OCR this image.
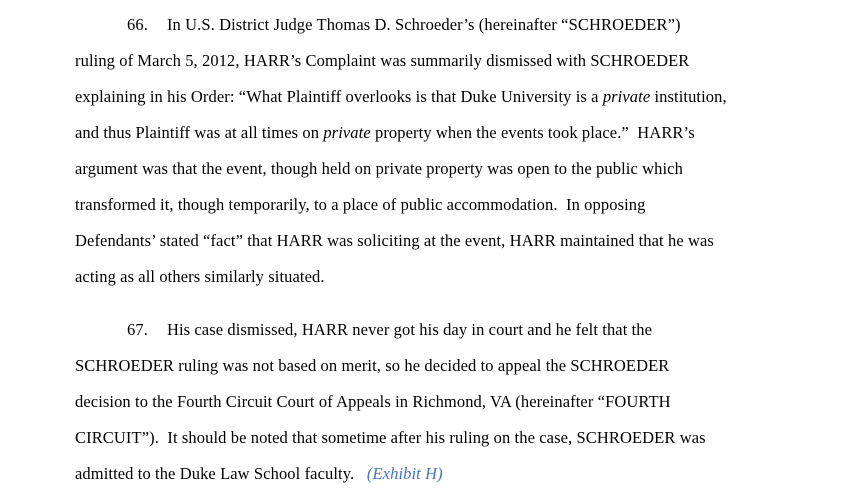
66. In U.S. District Judge Thomas D. Schroeder’s (hereinafter “SCHROEDER”)
ruling of March 5, 2012, HARR’s Complaint was summarily dismissed with SCHROEDER
explaining in his Order: “What Plaintiff overlooks is that Duke University is a private institution,
and thus Plaintiff was at all times on private property when the events took place.”  HARR’s
argument was that the event, though held on private property was open to the public which
transformed it, though temporarily, to a place of public accommodation.  In opposing
Defendants’ stated “fact” that HARR was soliciting at the event, HARR maintained that he was
acting as all others similarly situated.
67. His case dismissed, HARR never got his day in court and he felt that the
SCHROEDER ruling was not based on merit, so he decided to appeal the SCHROEDER
decision to the Fourth Circuit Court of Appeals in Richmond, VA (hereinafter “FOURTH
CIRCUIT”).  It should be noted that sometime after his ruling on the case, SCHROEDER was
admitted to the Duke Law School faculty.   (Exhibit H)
